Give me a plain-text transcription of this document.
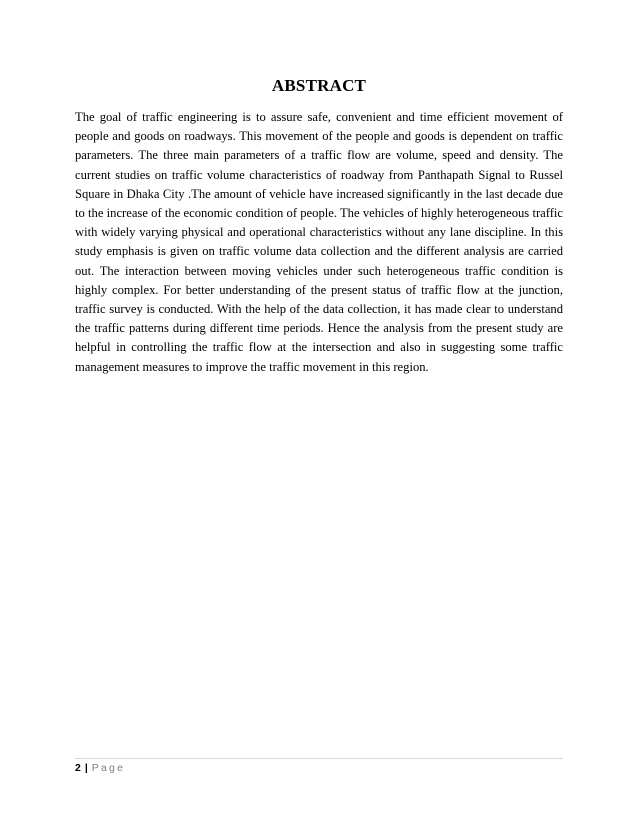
ABSTRACT

The goal of traffic engineering is to assure safe, convenient and time efficient movement of people and goods on roadways. This movement of the people and goods is dependent on traffic parameters. The three main parameters of a traffic flow are volume, speed and density. The current studies on traffic volume characteristics of roadway from Panthapath Signal to Russel Square in Dhaka City .The amount of vehicle have increased significantly in the last decade due to the increase of the economic condition of people. The vehicles of highly heterogeneous traffic with widely varying physical and operational characteristics without any lane discipline. In this study emphasis is given on traffic volume data collection and the different analysis are carried out. The interaction between moving vehicles under such heterogeneous traffic condition is highly complex. For better understanding of the present status of traffic flow at the junction, traffic survey is conducted. With the help of the data collection, it has made clear to understand the traffic patterns during different time periods. Hence the analysis from the present study are helpful in controlling the traffic flow at the intersection and also in suggesting some traffic management measures to improve the traffic movement in this region.

2 | Page
